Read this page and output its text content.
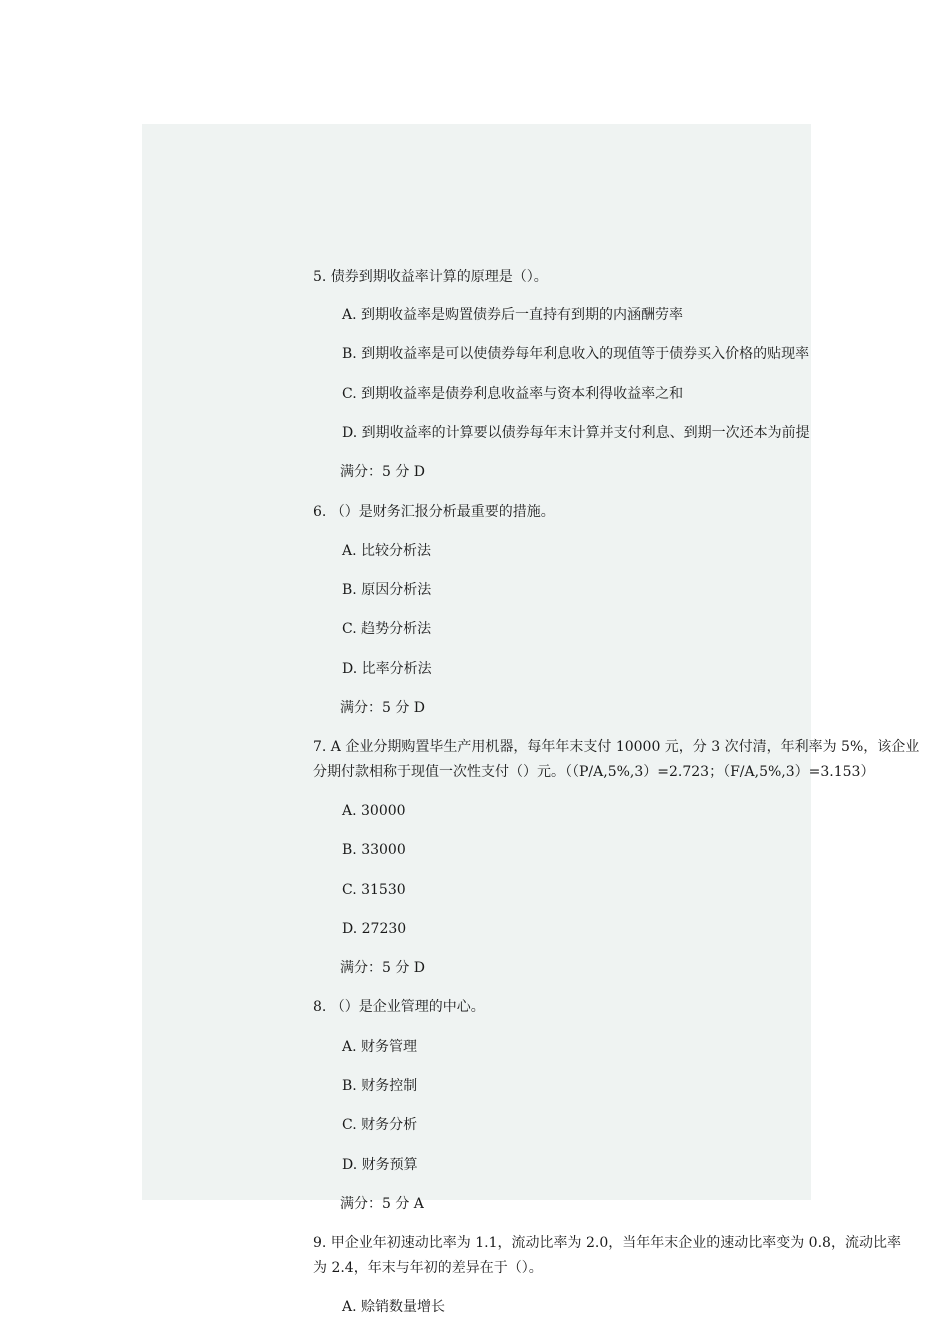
5. 债券到期收益率计算的原理是（）。
A. 到期收益率是购置债券后一直持有到期的内涵酬劳率
B. 到期收益率是可以使债券每年利息收入的现值等于债券买入价格的贴现率
C. 到期收益率是债券利息收益率与资本利得收益率之和
D. 到期收益率的计算要以债券每年末计算并支付利息、到期一次还本为前提
满分：5 分 D
6. （）是财务汇报分析最重要的措施。
A. 比较分析法
B. 原因分析法
C. 趋势分析法
D. 比率分析法
满分：5 分 D
7. A 企业分期购置毕生产用机器，每年年末支付 10000 元，分 3 次付清，年利率为 5%，该企业
分期付款相称于现值一次性支付（）元。（（P/A,5%,3）=2.723；（F/A,5%,3）=3.153）
A. 30000
B. 33000
C. 31530
D. 27230
满分：5 分 D
8. （）是企业管理的中心。
A. 财务管理
B. 财务控制
C. 财务分析
D. 财务预算
满分：5 分 A
9. 甲企业年初速动比率为 1.1，流动比率为 2.0，当年年末企业的速动比率变为 0.8，流动比率
为 2.4，年末与年初的差异在于（）。
A. 赊销数量增长
